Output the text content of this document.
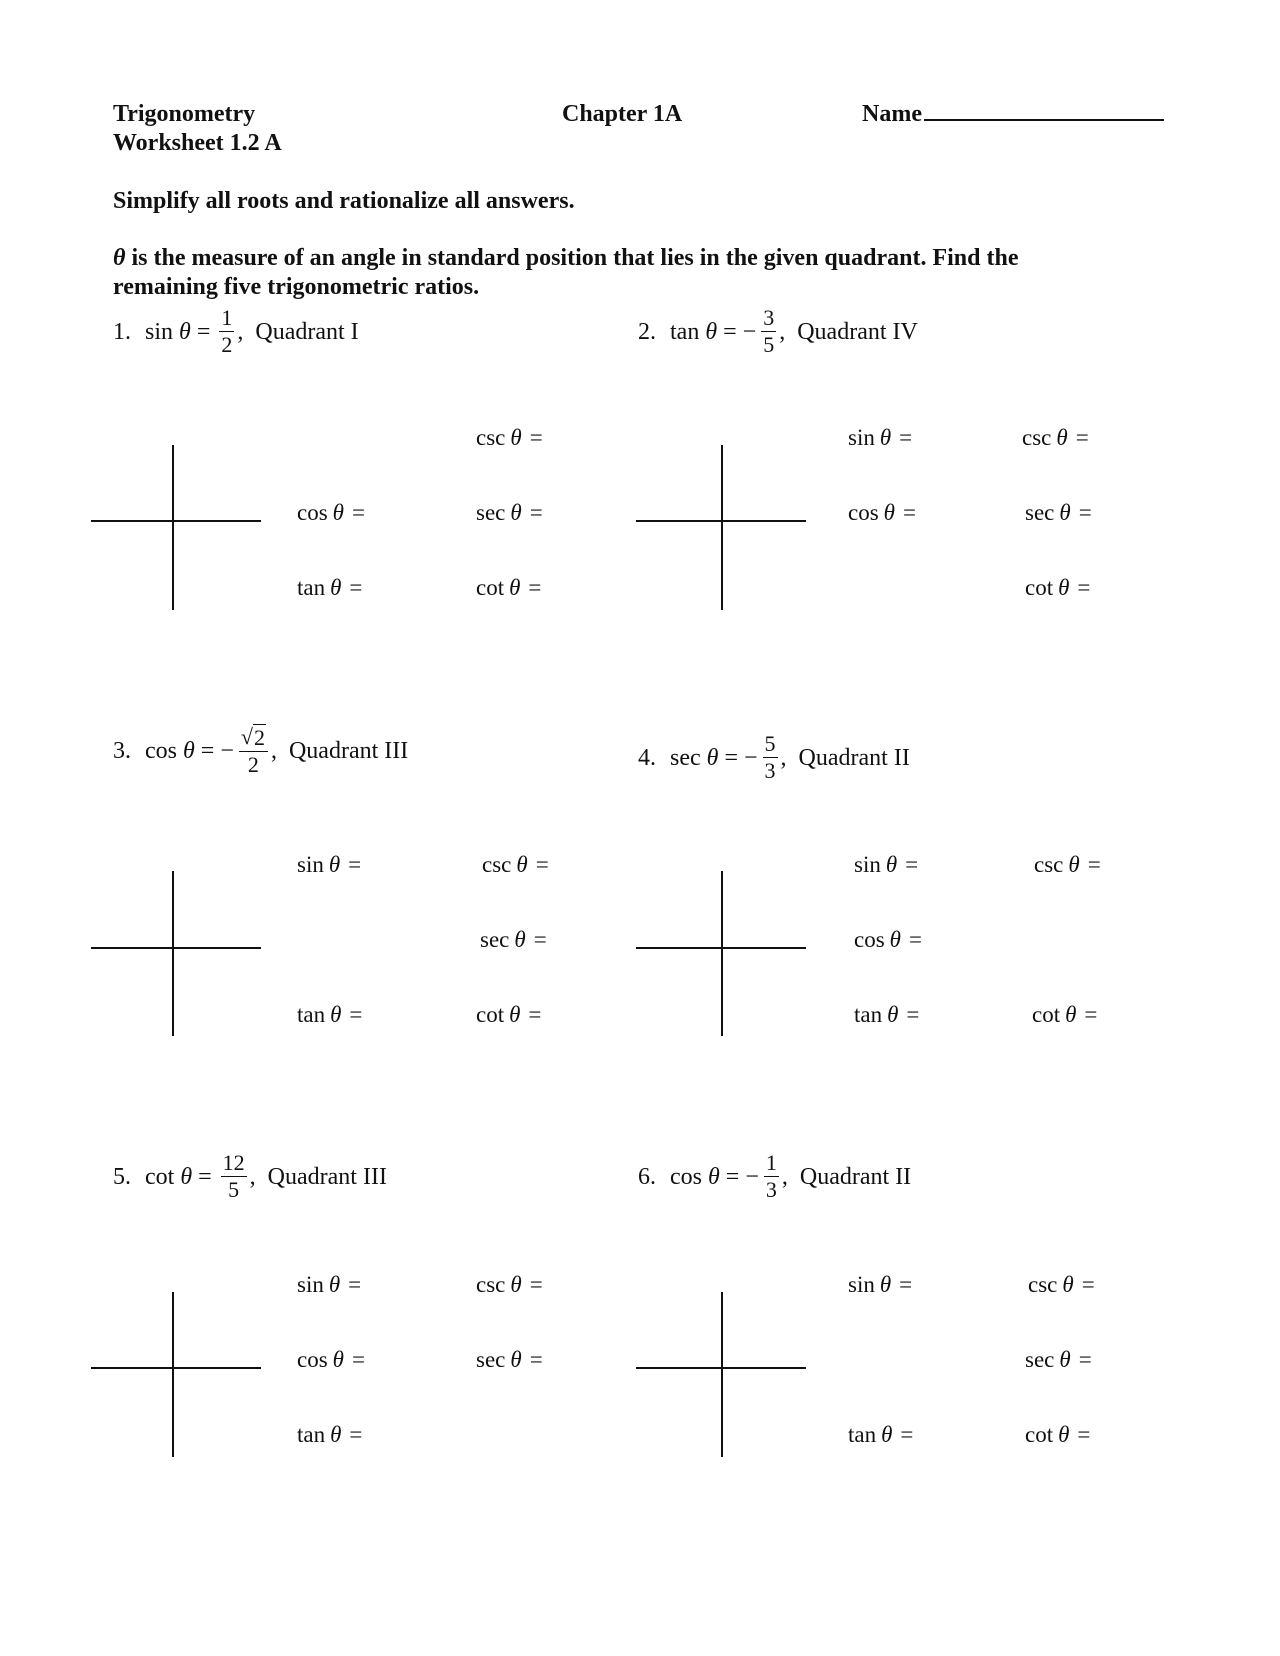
Trigonometry
Worksheet 1.2 A
Chapter 1A	Name
Simplify all roots and rationalize all answers.
θ is the measure of an angle in standard position that lies in the given quadrant. Find the
remaining five trigonometric ratios.
1. $\sin \theta = \frac{1}{2}$ , Quadrant I
csc θ =
cos θ =	sec θ =
tan θ =	cot θ =
2. tan θ = − $\frac{3}{5}$ , Quadrant IV
sin θ =	csc θ =
cos θ =	sec θ =
cot θ =
3. cos θ = − $\frac{√ 2}{2}$ , Quadrant III
sin θ =	csc θ =
sec θ =
tan θ =	cot θ =
4. sec θ = − $\frac{5}{3}$ , Quadrant II
sin θ =	csc θ =
cos θ =
tan θ =	cot θ =
5. $\cot \theta = \frac{12}{5}$ , Quadrant III
sin θ =	csc θ =
cos θ =	sec θ =
tan θ =
6. cos θ = − $\frac{1}{3}$ , Quadrant II
sin θ =	csc θ =
sec θ =
tan θ =	cot θ =
